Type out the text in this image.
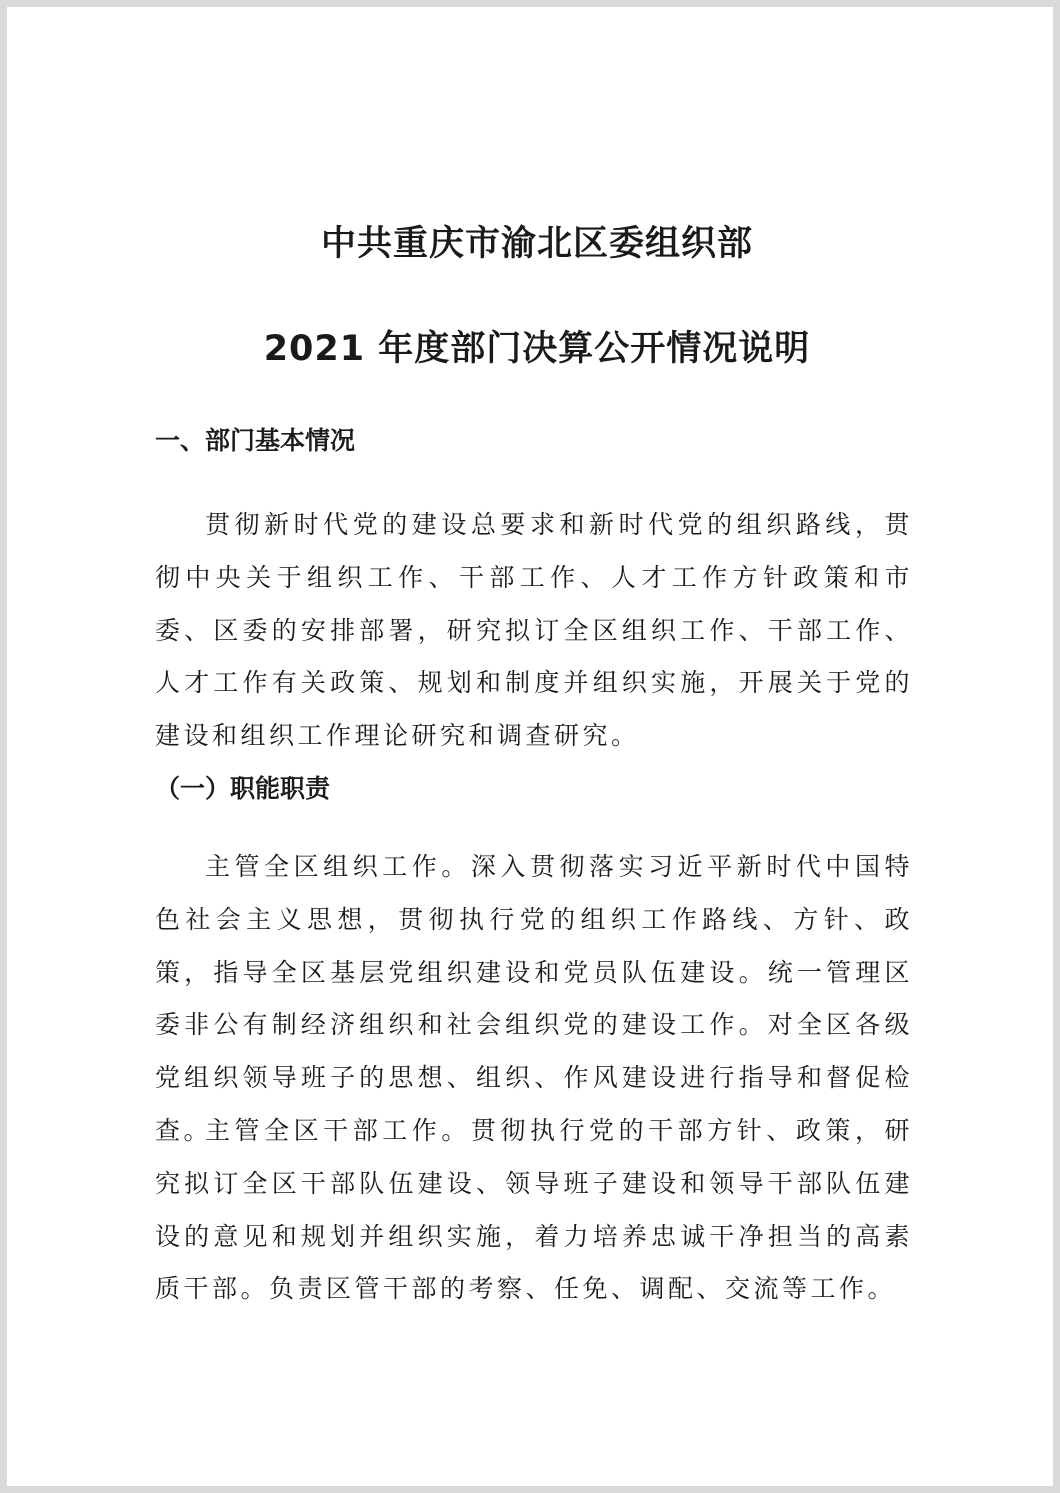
中共重庆市渝北区委组织部
2021 年度部门决算公开情况说明
一、部门基本情况

贯彻新时代党的建设总要求和新时代党的组织路线，贯彻中央关于组织工作、干部工作、人才工作方针政策和市委、区委的安排部署，研究拟订全区组织工作、干部工作、人才工作有关政策、规划和制度并组织实施，开展关于党的建设和组织工作理论研究和调查研究。

（一）职能职责

主管全区组织工作。深入贯彻落实习近平新时代中国特色社会主义思想，贯彻执行党的组织工作路线、方针、政策，指导全区基层党组织建设和党员队伍建设。统一管理区委非公有制经济组织和社会组织党的建设工作。对全区各级党组织领导班子的思想、组织、作风建设进行指导和督促检查。

主管全区干部工作。贯彻执行党的干部方针、政策，研究拟订全区干部队伍建设、领导班子建设和领导干部队伍建设的意见和规划并组织实施，着力培养忠诚干净担当的高素质干部。负责区管干部的考察、任免、调配、交流等工作。
